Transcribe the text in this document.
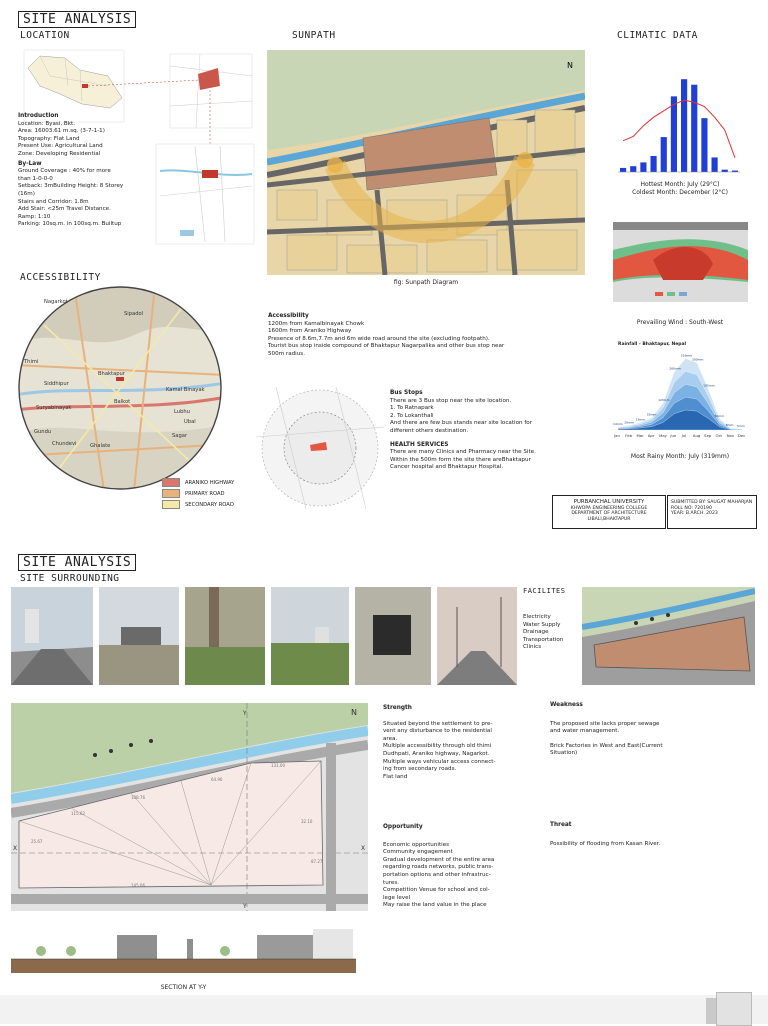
SITE ANALYSIS
LOCATION	SUNPATH	CLIMATIC DATA
Introduction
Location: Byasi, Bkt.
Area: 16003.61 m.sq. (3-7-1-1)
Topography: Flat Land
Present Use: Agricultural Land
Zone: Developing Residential
By-Law
Ground Coverage : 40% for more
than 1-0-0-0
Setback: 3mBuilding Height: 8 Storey
(16m)
Stairs and Corridor: 1.8m
Add Stair: <25m Travel Distance.
Ramp: 1:10
Parking: 10sq.m. in 100sq.m. Builtup
N
fig: Sunpath Diagram
Hottest Month: July (29°C)
Coldest Month: December (2°C)
Prevailing Wind : South-West
Rainfall - Bhaktapur, Nepal
Jan Feb Mar Apr May Jun Jul Aug Sep Oct Nov Dec
14mm 20mm
33mm
55mm
120mm
260mm
319mm
300mm
185mm
50mm
8mm 5mm
Most Rainy Month: July (319mm)
ACCESSIBILITY
Thimi
Nagarkot
Bhaktapur
Kamal Binayak
Balkot
Suryabinayak
Lubhu
Gundu
Sipadol
Chundevi	Ghalate
Ubal
Sagar
Siddhipur
ARANIKO HIGHWAY
PRIMARY ROAD
SECONDARY ROAD
Accessibility
1200m from Kamalbinayak Chowk
1600m from Araniko Highway
Presence of 8.6m,7.7m and 6m wide road around the site (excluding footpath).
Tourist bus stop inside compound of Bhaktapur Nagarpalika and other bus stop near
500m radius.
Bus Stops
There are 3 Bus stop near the site location.
1. To Ratnapark
2. To Lokanthali
And there are few bus stands near site location for
different others destination.
HEALTH SERVICES
There are many Clinics and Pharmacy near the Site.
Within the 500m form the site there areBhaktapur
Cancer hospital and Bhaktapur Hospital.
PURBANCHAL UNIVERSITY
KHWOPA ENGINEERING COLLEGE
DEPARTMENT OF ARCHITECTURE
LIBALI,BHAKTAPUR
SUBMITTED BY: SAUGAT MAHARJAN
ROLL NO: 720190
YEAR: B.ARCH. 2023
SITE ANALYSIS
SITE SURROUNDING
FACILITES
Electricity
Water Supply
Drainage
Transportation
Clinics
X	X
Y
Y
N
115.62
108.76
64.90
131.00
25.67
32.10
145.06
87.27
SECTION AT Y-Y
Strength
Situated beyond the settlement to pre-
vent any disturbance to the residential
area.
Multiple accessibility through old thimi
Dudhpati, Araniko highway, Nagarkot.
Multiple ways vehicular access connect-
ing from secondary roads.
Flat land
Weakness
The proposed site lacks proper sewage
and water management.
Brick Factories in West and East(Current
Situation)
Opportunity
Economic opportunities
Community engagement
Gradual development of the entire area
regarding roads networks, public trans-
portation options and other infrastruc-
tures.
Competition Venue for school and col-
lege level
May raise the land value in the place
Threat
Possibility of flooding from Kasan River.
